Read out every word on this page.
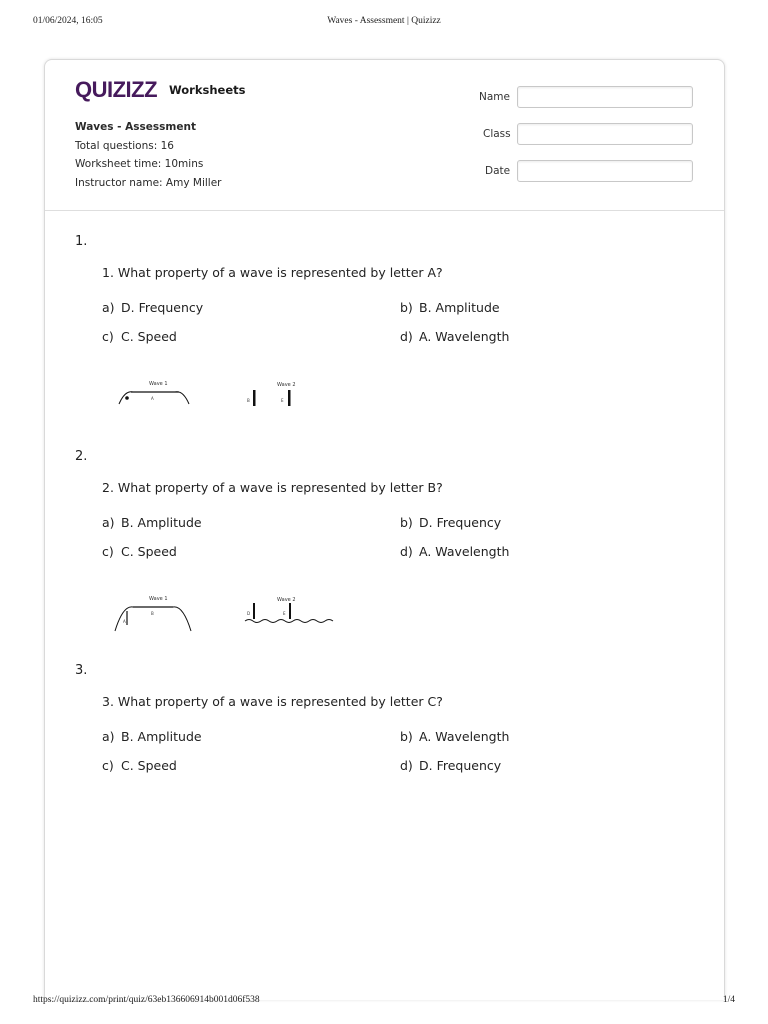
01/06/2024, 16:05	Waves - Assessment | Quizizz
QUIZIZZ Worksheets
Waves - Assessment
Total questions: 16
Worksheet time: 10mins
Instructor name: Amy Miller
Name
Class
Date
1.
1. What property of a wave is represented by letter A?
a) D. Frequency	b) B. Amplitude
c) C. Speed	d) A. Wavelength
Wave 1	Wave 2
A	B	E
2.
2. What property of a wave is represented by letter B?
a) B. Amplitude	b) D. Frequency
c) C. Speed	d) A. Wavelength
Wave 1	Wave 2
A
B	D	E
3.
3. What property of a wave is represented by letter C?
a) B. Amplitude	b) A. Wavelength
c) C. Speed	d) D. Frequency
https://quizizz.com/print/quiz/63eb136606914b001d06f538	1/4
